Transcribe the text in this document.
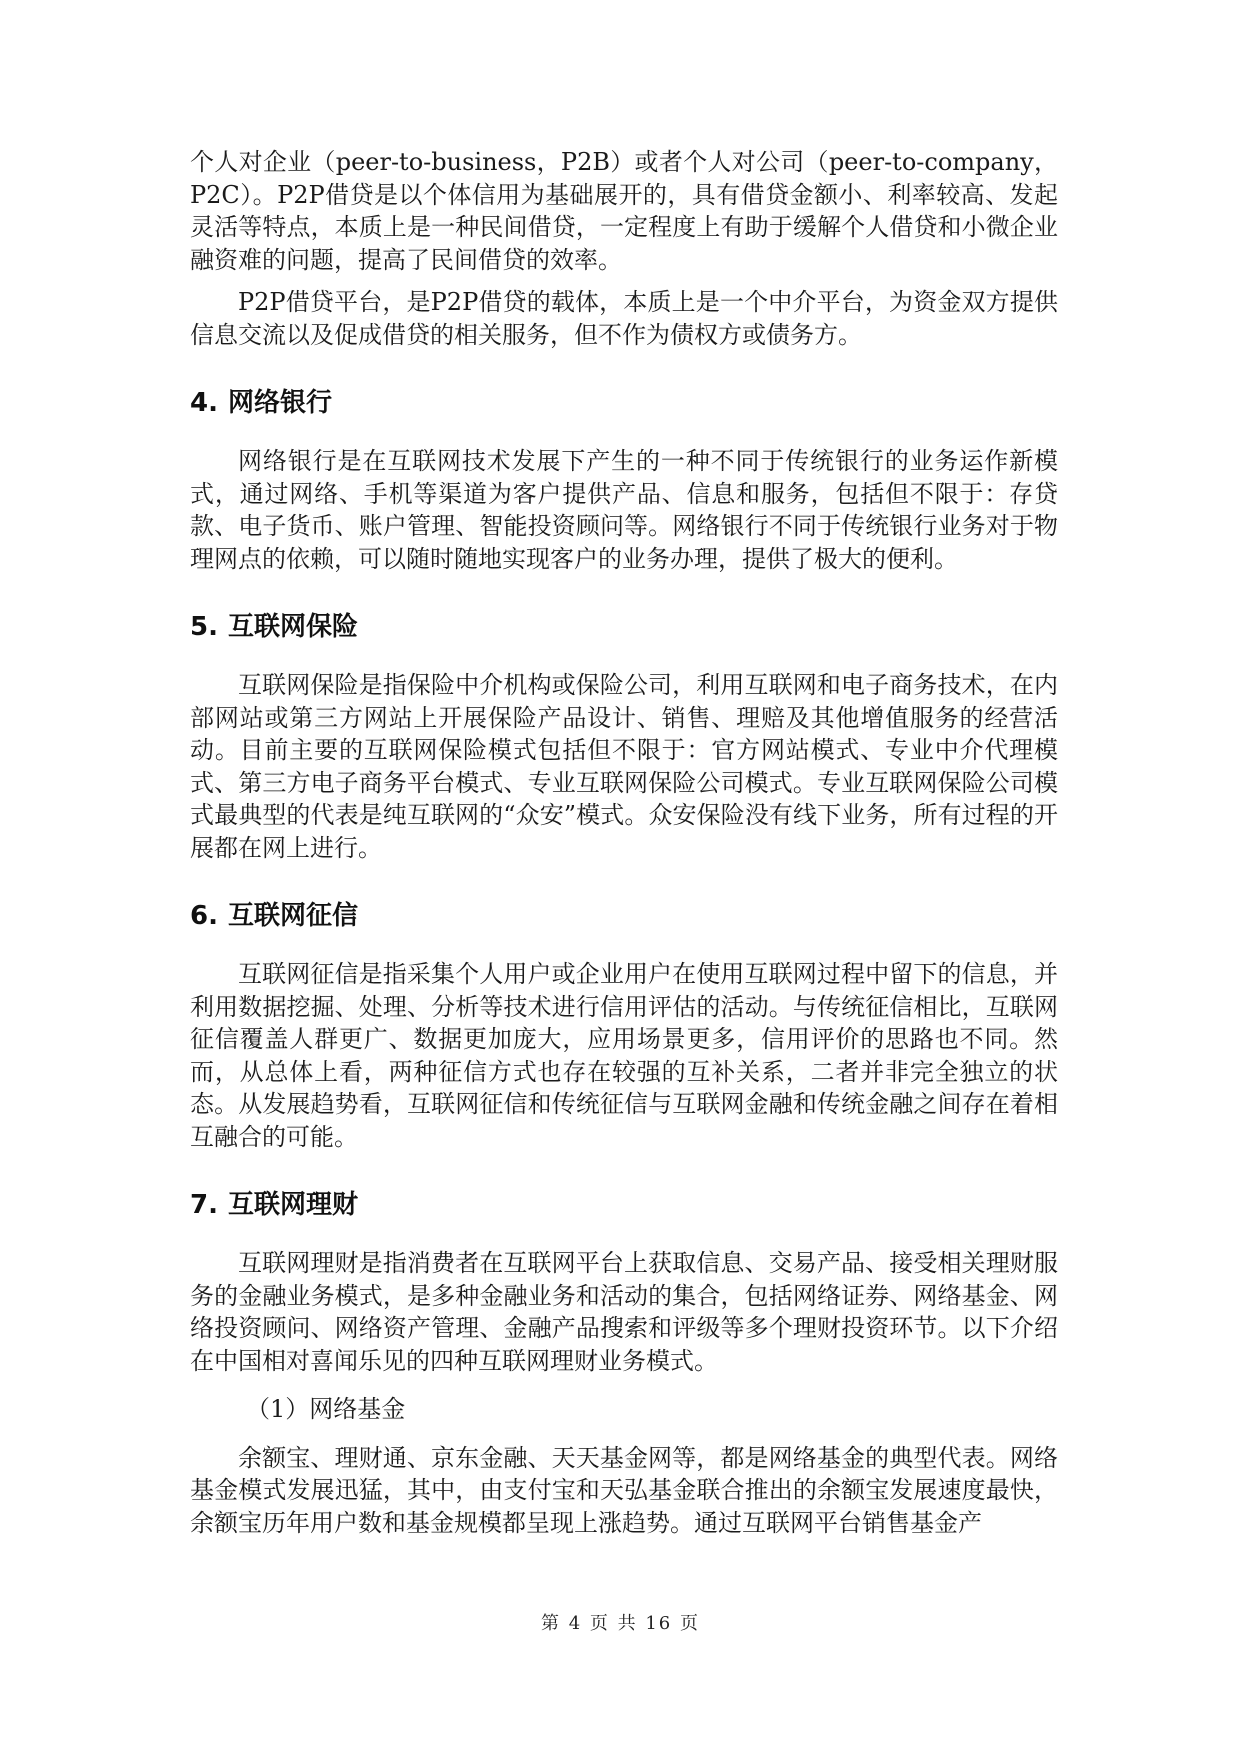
个人对企业（peer-to-business，P2B）或者个人对公司（peer-to-company，P2C）。P2P借贷是以个体信用为基础展开的，具有借贷金额小、利率较高、发起灵活等特点，本质上是一种民间借贷，一定程度上有助于缓解个人借贷和小微企业融资难的问题，提高了民间借贷的效率。

P2P借贷平台，是P2P借贷的载体，本质上是一个中介平台，为资金双方提供信息交流以及促成借贷的相关服务，但不作为债权方或债务方。

4. 网络银行

网络银行是在互联网技术发展下产生的一种不同于传统银行的业务运作新模式，通过网络、手机等渠道为客户提供产品、信息和服务，包括但不限于：存贷款、电子货币、账户管理、智能投资顾问等。网络银行不同于传统银行业务对于物理网点的依赖，可以随时随地实现客户的业务办理，提供了极大的便利。

5. 互联网保险

互联网保险是指保险中介机构或保险公司，利用互联网和电子商务技术，在内部网站或第三方网站上开展保险产品设计、销售、理赔及其他增值服务的经营活动。目前主要的互联网保险模式包括但不限于：官方网站模式、专业中介代理模式、第三方电子商务平台模式、专业互联网保险公司模式。专业互联网保险公司模式最典型的代表是纯互联网的“众安”模式。众安保险没有线下业务，所有过程的开展都在网上进行。

6. 互联网征信

互联网征信是指采集个人用户或企业用户在使用互联网过程中留下的信息，并利用数据挖掘、处理、分析等技术进行信用评估的活动。与传统征信相比，互联网征信覆盖人群更广、数据更加庞大，应用场景更多，信用评价的思路也不同。然而，从总体上看，两种征信方式也存在较强的互补关系，二者并非完全独立的状态。从发展趋势看，互联网征信和传统征信与互联网金融和传统金融之间存在着相互融合的可能。

7. 互联网理财

互联网理财是指消费者在互联网平台上获取信息、交易产品、接受相关理财服务的金融业务模式，是多种金融业务和活动的集合，包括网络证券、网络基金、网络投资顾问、网络资产管理、金融产品搜索和评级等多个理财投资环节。以下介绍在中国相对喜闻乐见的四种互联网理财业务模式。

（1）网络基金

余额宝、理财通、京东金融、天天基金网等，都是网络基金的典型代表。网络基金模式发展迅猛，其中，由支付宝和天弘基金联合推出的余额宝发展速度最快，余额宝历年用户数和基金规模都呈现上涨趋势。通过互联网平台销售基金产

第 4 页 共 16 页
